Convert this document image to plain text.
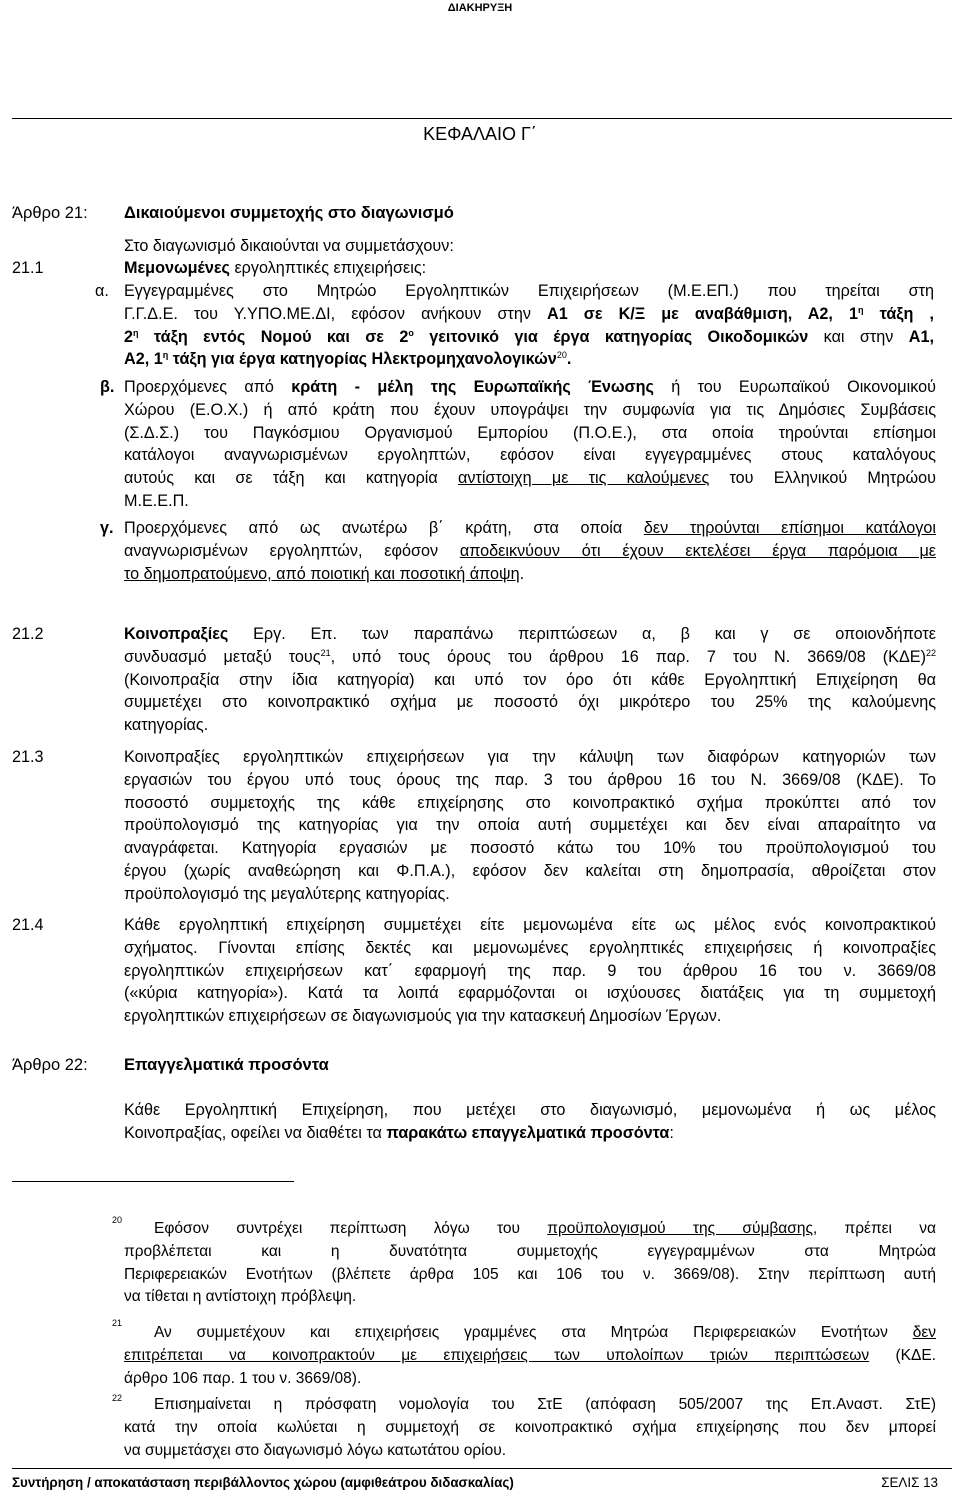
ΔΙΑΚΗΡΥΞΗ
ΚΕΦΑΛΑΙΟ Γ΄
Άρθρο 21: Δικαιούμενοι συμμετοχής στο διαγωνισμό
Στο διαγωνισμό δικαιούνται να συμμετάσχουν:
21.1	Μεμονωμένες εργοληπτικές επιχειρήσεις:
α. Εγγεγραμμένες στο Μητρώο Εργοληπτικών Επιχειρήσεων (Μ.Ε.ΕΠ.) που τηρείται στη
Γ.Γ.Δ.Ε. του Υ.ΥΠΟ.ΜΕ.ΔΙ, εφόσον ανήκουν στην Α1 σε Κ/Ξ με αναβάθμιση, Α2, $1^\eta$ τάξη ,
$2^\eta$ τάξη εντός Νομού και σε $2^o$ γειτονικό για έργα κατηγορίας Οικοδομικών και στην Α1,
Α2, $1^\eta$ τάξη για έργα κατηγορίας Ηλεκτρομηχανολογικών$^{20}$.
β. Προερχόμενες από κράτη - μέλη της Ευρωπαϊκής Ένωσης ή του Ευρωπαϊκού Οικονομικού
Χώρου (Ε.Ο.Χ.) ή από κράτη που έχουν υπογράψει την συμφωνία για τις Δημόσιες Συμβάσεις
(Σ.Δ.Σ.) του Παγκόσμιου Οργανισμού Εμπορίου (Π.Ο.Ε.), στα οποία τηρούνται επίσημοι
κατάλογοι αναγνωρισμένων εργοληπτών, εφόσον είναι εγγεγραμμένες στους καταλόγους
αυτούς και σε τάξη και κατηγορία αντίστοιχη με τις καλούμενες του Ελληνικού Μητρώου
Μ.Ε.Ε.Π.
γ. Προερχόμενες από ως ανωτέρω β΄ κράτη, στα οποία δεν τηρούνται επίσημοι κατάλογοι
αναγνωρισμένων εργοληπτών, εφόσον αποδεικνύουν ότι έχουν εκτελέσει έργα παρόμοια με
το δημοπρατούμενο, από ποιοτική και ποσοτική άποψη.
21.2	Κοινοπραξίες Εργ. Επ. των παραπάνω περιπτώσεων α, β και γ σε οποιονδήποτε
συνδυασμό μεταξύ τους$^{21}$, υπό τους όρους του άρθρου 16 παρ. 7 του Ν. 3669/08 $(K\Delta E)^{22}$
(Κοινοπραξία στην ίδια κατηγορία) και υπό τον όρο ότι κάθε Εργοληπτική Επιχείρηση θα
συμμετέχει στο κοινοπρακτικό σχήμα με ποσοστό όχι μικρότερο του 25% της καλούμενης
κατηγορίας.
21.3	Κοινοπραξίες εργοληπτικών επιχειρήσεων για την κάλυψη των διαφόρων κατηγοριών των
εργασιών του έργου υπό τους όρους της παρ. 3 του άρθρου 16 του Ν. 3669/08 (ΚΔΕ). Το
ποσοστό συμμετοχής της κάθε επιχείρησης στο κοινοπρακτικό σχήμα προκύπτει από τον
προϋπολογισμό της κατηγορίας για την οποία αυτή συμμετέχει και δεν είναι απαραίτητο να
αναγράφεται. Κατηγορία εργασιών με ποσοστό κάτω του 10% του προϋπολογισμού του
έργου (χωρίς αναθεώρηση και Φ.Π.Α.), εφόσον δεν καλείται στη δημοπρασία, αθροίζεται στον
προϋπολογισμό της μεγαλύτερης κατηγορίας.
21.4	Κάθε εργοληπτική επιχείρηση συμμετέχει είτε μεμονωμένα είτε ως μέλος ενός κοινοπρακτικού
σχήματος. Γίνονται επίσης δεκτές και μεμονωμένες εργοληπτικές επιχειρήσεις ή κοινοπραξίες
εργοληπτικών επιχειρήσεων κατ΄ εφαρμογή της παρ. 9 του άρθρου 16 του ν. 3669/08
(«κύρια κατηγορία»). Κατά τα λοιπά εφαρμόζονται οι ισχύουσες διατάξεις για τη συμμετοχή
εργοληπτικών επιχειρήσεων σε διαγωνισμούς για την κατασκευή Δημοσίων Έργων.
Άρθρο 22: Επαγγελματικά προσόντα
Κάθε Εργοληπτική Επιχείρηση, που μετέχει στο διαγωνισμό, μεμονωμένα ή ως μέλος
Κοινοπραξίας, οφείλει να διαθέτει τα παρακάτω επαγγελματικά προσόντα:
20	Εφόσον συντρέχει περίπτωση λόγω του προϋπολογισμού της σύμβασης, πρέπει να
προβλέπεται και η δυνατότητα συμμετοχής εγγεγραμμένων στα Μητρώα
Περιφερειακών Ενοτήτων (βλέπετε άρθρα 105 και 106 του ν. 3669/08). Στην περίπτωση αυτή
να τίθεται η αντίστοιχη πρόβλεψη.
21
Αν συμμετέχουν και επιχειρήσεις γραμμένες στα Μητρώα Περιφερειακών Ενοτήτων δεν
επιτρέπεται να κοινοπρακτούν με επιχειρήσεις των υπολοίπων τριών περιπτώσεων (ΚΔΕ.
άρθρο 106 παρ. 1 του ν. 3669/08).
22	Επισημαίνεται η πρόσφατη νομολογία του ΣτΕ (απόφαση 505/2007 της Επ.Αναστ. ΣτΕ)
κατά την οποία κωλύεται η συμμετοχή σε κοινοπρακτικό σχήμα επιχείρησης που δεν μπορεί
να συμμετάσχει στο διαγωνισμό λόγω κατωτάτου ορίου.
Συντήρηση / αποκατάσταση περιβάλλοντος χώρου (αμφιθεάτρου διδασκαλίας)	ΣΕΛΙΣ 13
